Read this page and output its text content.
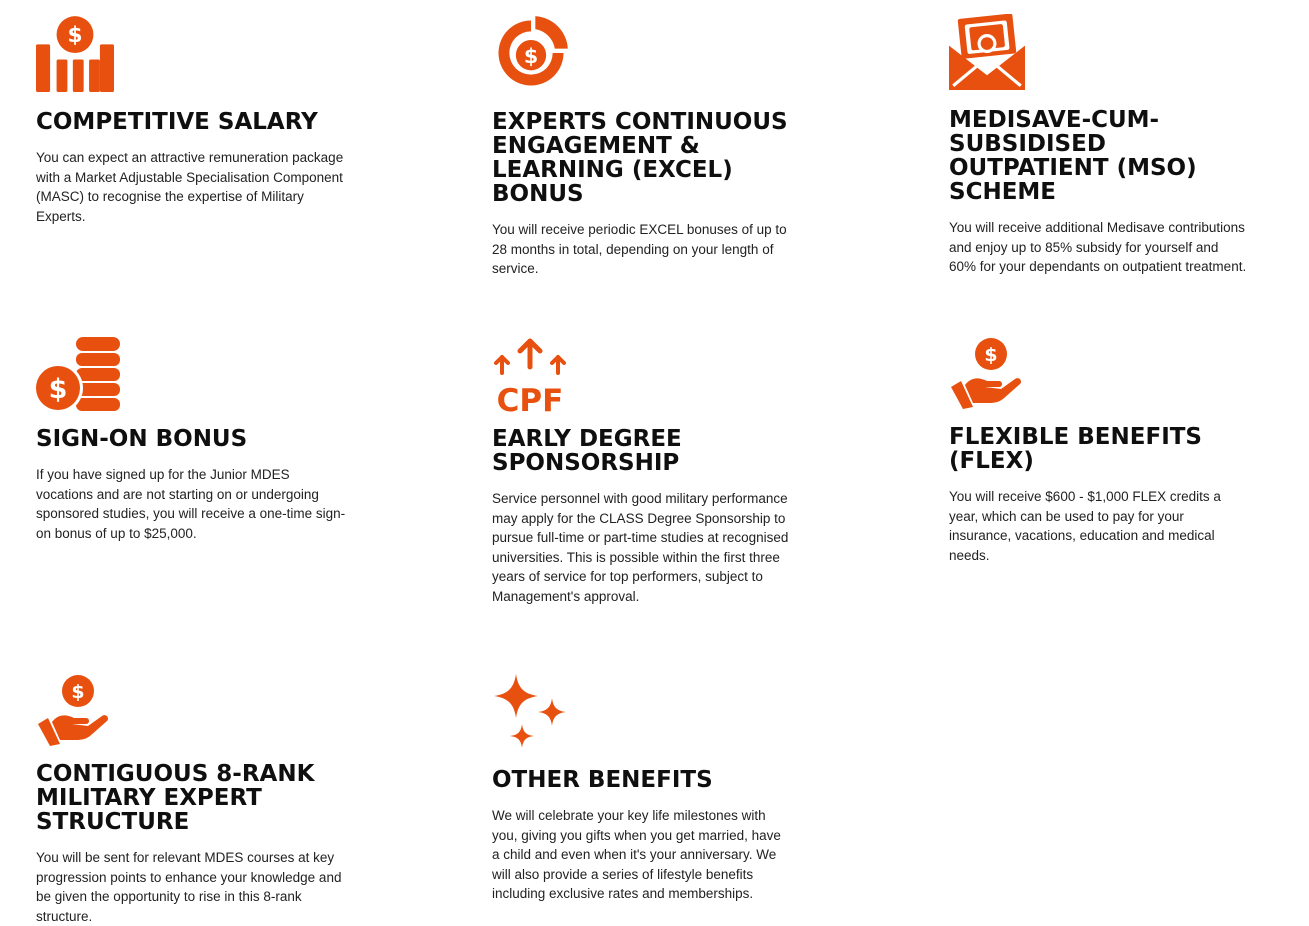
$
COMPETITIVE SALARY

You can expect an attractive remuneration package with a Market Adjustable Specialisation Component (MASC) to recognise the expertise of Military Experts.

$
EXPERTS CONTINUOUS ENGAGEMENT & LEARNING (EXCEL) BONUS

You will receive periodic EXCEL bonuses of up to 28 months in total, depending on your length of service.

MEDISAVE-CUM-SUBSIDISED OUTPATIENT (MSO) SCHEME

You will receive additional Medisave contributions and enjoy up to 85% subsidy for yourself and 60% for your dependants on outpatient treatment.

$
SIGN-ON BONUS

If you have signed up for the Junior MDES vocations and are not starting on or undergoing sponsored studies, you will receive a one-time sign-on bonus of up to $25,000.

CPF
EARLY DEGREE SPONSORSHIP

Service personnel with good military performance may apply for the CLASS Degree Sponsorship to pursue full-time or part-time studies at recognised universities. This is possible within the first three years of service for top performers, subject to Management's approval.

$
FLEXIBLE BENEFITS (FLEX)

You will receive $600 - $1,000 FLEX credits a year, which can be used to pay for your insurance, vacations, education and medical needs.

$
CONTIGUOUS 8-RANK MILITARY EXPERT STRUCTURE

You will be sent for relevant MDES courses at key progression points to enhance your knowledge and be given the opportunity to rise in this 8-rank structure.

OTHER BENEFITS

We will celebrate your key life milestones with you, giving you gifts when you get married, have a child and even when it's your anniversary. We will also provide a series of lifestyle benefits including exclusive rates and memberships.
